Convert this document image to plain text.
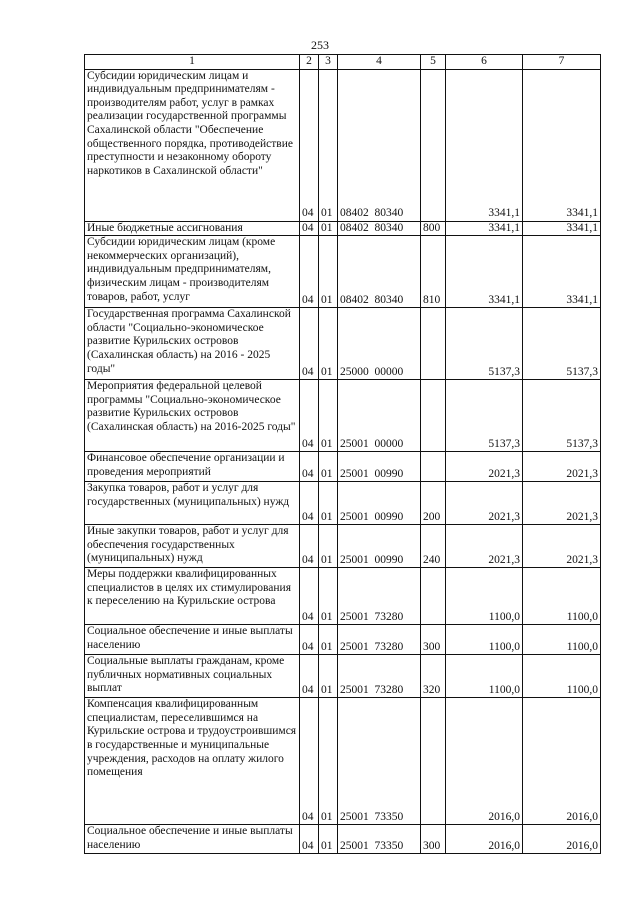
253
1	2	3	4	5	6	7
Субсидии юридическим лицам и индивидуальным предпринимателям - производителям работ, услуг в рамках реализации государственной программы Сахалинской области "Обеспечение общественного порядка, противодействие преступности и незаконному обороту наркотиков в Сахалинской области"	04	01	08402  80340		3341,1	3341,1
Иные бюджетные ассигнования	04	01	08402  80340	800	3341,1	3341,1
Субсидии юридическим лицам (кроме некоммерческих организаций), индивидуальным предпринимателям, физическим лицам - производителям товаров, работ, услуг	04	01	08402  80340	810	3341,1	3341,1
Государственная программа Сахалинской области "Социально-экономическое развитие Курильских островов (Сахалинская область) на 2016 - 2025 годы"	04	01	25000  00000		5137,3	5137,3
Мероприятия федеральной целевой программы "Социально-экономическое развитие Курильских островов (Сахалинская область) на 2016-2025 годы"	04	01	25001  00000		5137,3	5137,3
Финансовое обеспечение организации и проведения мероприятий	04	01	25001  00990		2021,3	2021,3
Закупка товаров, работ и услуг для государственных (муниципальных) нужд	04	01	25001  00990	200	2021,3	2021,3
Иные закупки товаров, работ и услуг для обеспечения государственных (муниципальных) нужд	04	01	25001  00990	240	2021,3	2021,3
Меры поддержки квалифицированных специалистов в целях их стимулирования к переселению на Курильские острова	04	01	25001  73280		1100,0	1100,0
Социальное обеспечение и иные выплаты населению	04	01	25001  73280	300	1100,0	1100,0
Социальные выплаты гражданам, кроме публичных нормативных социальных выплат	04	01	25001  73280	320	1100,0	1100,0
Компенсация квалифицированным специалистам, переселившимся на Курильские острова и трудоустроившимся в государственные и муниципальные учреждения, расходов на оплату жилого помещения	04	01	25001  73350		2016,0	2016,0
Социальное обеспечение и иные выплаты населению	04	01	25001  73350	300	2016,0	2016,0
